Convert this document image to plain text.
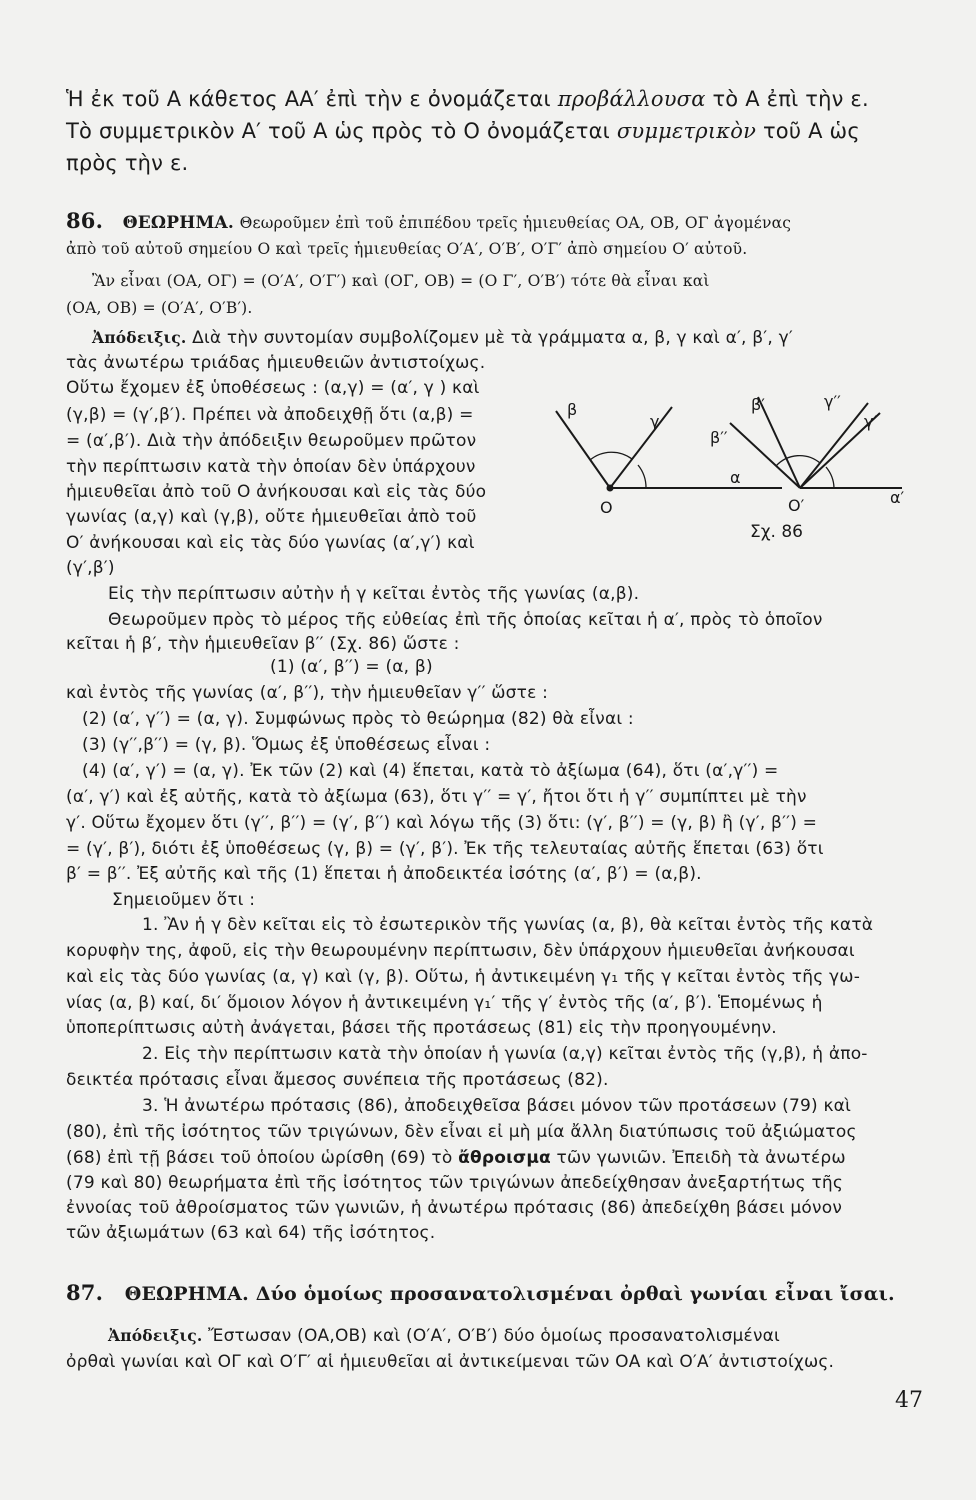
Ἡ ἐκ τοῦ Α κάθετος ΑΑ′ ἐπὶ τὴν ε ὀνομάζεται προβάλλουσα τὸ Α ἐπὶ τὴν ε.
Τὸ συμμετρικὸν Α′ τοῦ Α ὡς πρὸς τὸ Ο ὀνομάζεται συμμετρικὸν τοῦ Α ὡς
πρὸς τὴν ε.
86. ΘΕΩΡΗΜΑ. Θεωροῦμεν ἐπὶ τοῦ ἐπιπέδου τρεῖς ἡμιευθείας ΟΑ, ΟΒ, ΟΓ ἀγομένας
ἀπὸ τοῦ αὐτοῦ σημείου Ο καὶ τρεῖς ἡμιευθείας Ο′Α′, Ο′Β′, Ο′Γ′ ἀπὸ σημείου Ο′ αὐτοῦ.
Ἂν εἶναι (ΟΑ, ΟΓ) = (Ο′Α′, Ο′Γ′) καὶ (ΟΓ, ΟΒ) = (Ο Γ′, Ο′Β′) τότε θὰ εἶναι καὶ
(ΟΑ, ΟΒ) = (Ο′Α′, Ο′Β′).
Ἀπόδειξις. Διὰ τὴν συντομίαν συμβολίζομεν μὲ τὰ γράμματα α, β, γ καὶ α′, β′, γ′
τὰς ἀνωτέρω τριάδας ἡμιευθειῶν ἀντιστοίχως.
Οὕτω ἔχομεν ἐξ ὑποθέσεως : (α,γ) = (α′, γ ) καὶ
(γ,β) = (γ′,β′). Πρέπει νὰ ἀποδειχθῇ ὅτι (α,β) =
= (α′,β′). Διὰ τὴν ἀπόδειξιν θεωροῦμεν πρῶτον
τὴν περίπτωσιν κατὰ τὴν ὁποίαν δὲν ὑπάρχουν
ἡμιευθεῖαι ἀπὸ τοῦ Ο ἀνήκουσαι καὶ εἰς τὰς δύο
γωνίας (α,γ) καὶ (γ,β), οὔτε ἡμιευθεῖαι ἀπὸ τοῦ
Ο′ ἀνήκουσαι καὶ εἰς τὰς δύο γωνίας (α′,γ′) καὶ
(γ′,β′)
β
γ
Ο
α
β′
β′′
γ′′
γ′
Ο′	α′
Σχ. 86
Εἰς τὴν περίπτωσιν αὐτὴν ἡ γ κεῖται ἐντὸς τῆς γωνίας (α,β).
Θεωροῦμεν πρὸς τὸ μέρος τῆς εὐθείας ἐπὶ τῆς ὁποίας κεῖται ἡ α′, πρὸς τὸ ὁποῖον
κεῖται ἡ β′, τὴν ἡμιευθεῖαν β′′ (Σχ. 86) ὥστε :
(1) (α′, β′′) = (α, β)
καὶ ἐντὸς τῆς γωνίας (α′, β′′), τὴν ἡμιευθεῖαν γ′′ ὥστε :
(2) (α′, γ′′) = (α, γ). Συμφώνως πρὸς τὸ θεώρημα (82) θὰ εἶναι :
(3) (γ′′,β′′) = (γ, β). Ὅμως ἐξ ὑποθέσεως εἶναι :
(4) (α′, γ′) = (α, γ). Ἐκ τῶν (2) καὶ (4) ἕπεται, κατὰ τὸ ἀξίωμα (64), ὅτι (α′,γ′′) =
(α′, γ′) καὶ ἐξ αὐτῆς, κατὰ τὸ ἀξίωμα (63), ὅτι γ′′ = γ′, ἤτοι ὅτι ἡ γ′′ συμπίπτει μὲ τὴν
γ′. Οὕτω ἔχομεν ὅτι (γ′′, β′′) = (γ′, β′′) καὶ λόγω τῆς (3) ὅτι: (γ′, β′′) = (γ, β) ἢ (γ′, β′′) =
= (γ′, β′), διότι ἐξ ὑποθέσεως (γ, β) = (γ′, β′). Ἐκ τῆς τελευταίας αὐτῆς ἕπεται (63) ὅτι
β′ = β′′. Ἐξ αὐτῆς καὶ τῆς (1) ἕπεται ἡ ἀποδεικτέα ἰσότης (α′, β′) = (α,β).
Σημειοῦμεν ὅτι :
1. Ἂν ἡ γ δὲν κεῖται εἰς τὸ ἐσωτερικὸν τῆς γωνίας (α, β), θὰ κεῖται ἐντὸς τῆς κατὰ
κορυφὴν της, ἀφοῦ, εἰς τὴν θεωρουμένην περίπτωσιν, δὲν ὑπάρχουν ἡμιευθεῖαι ἀνήκουσαι
καὶ εἰς τὰς δύο γωνίας (α, γ) καὶ (γ, β). Οὕτω, ἡ ἀντικειμένη γ₁ τῆς γ κεῖται ἐντὸς τῆς γω-
νίας (α, β) καί, δι′ ὅμοιον λόγον ἡ ἀντικειμένη γ₁′ τῆς γ′ ἐντὸς τῆς (α′, β′). Ἑπομένως ἡ
ὑποπερίπτωσις αὐτὴ ἀνάγεται, βάσει τῆς προτάσεως (81) εἰς τὴν προηγουμένην.
2. Εἰς τὴν περίπτωσιν κατὰ τὴν ὁποίαν ἡ γωνία (α,γ) κεῖται ἐντὸς τῆς (γ,β), ἡ ἀπο-
δεικτέα πρότασις εἶναι ἄμεσος συνέπεια τῆς προτάσεως (82).
3. Ἡ ἀνωτέρω πρότασις (86), ἀποδειχθεῖσα βάσει μόνον τῶν προτάσεων (79) καὶ
(80), ἐπὶ τῆς ἰσότητος τῶν τριγώνων, δὲν εἶναι εἰ μὴ μία ἄλλη διατύπωσις τοῦ ἀξιώματος
(68) ἐπὶ τῇ βάσει τοῦ ὁποίου ὡρίσθη (69) τὸ ἄθροισμα τῶν γωνιῶν. Ἐπειδὴ τὰ ἀνωτέρω
(79 καὶ 80) θεωρήματα ἐπὶ τῆς ἰσότητος τῶν τριγώνων ἀπεδείχθησαν ἀνεξαρτήτως τῆς
ἐννοίας τοῦ ἀθροίσματος τῶν γωνιῶν, ἡ ἀνωτέρω πρότασις (86) ἀπεδείχθη βάσει μόνον
τῶν ἀξιωμάτων (63 καὶ 64) τῆς ἰσότητος.
87. ΘΕΩΡΗΜΑ. Δύο ὁμοίως προσανατολισμέναι ὀρθαὶ γωνίαι εἶναι ἴσαι.
Ἀπόδειξις. Ἔστωσαν (ΟΑ,ΟΒ) καὶ (Ο′Α′, Ο′Β′) δύο ὁμοίως προσανατολισμέναι
ὀρθαὶ γωνίαι καὶ ΟΓ καὶ Ο′Γ′ αἱ ἡμιευθεῖαι αἱ ἀντικείμεναι τῶν ΟΑ καὶ Ο′Α′ ἀντιστοίχως.
47
